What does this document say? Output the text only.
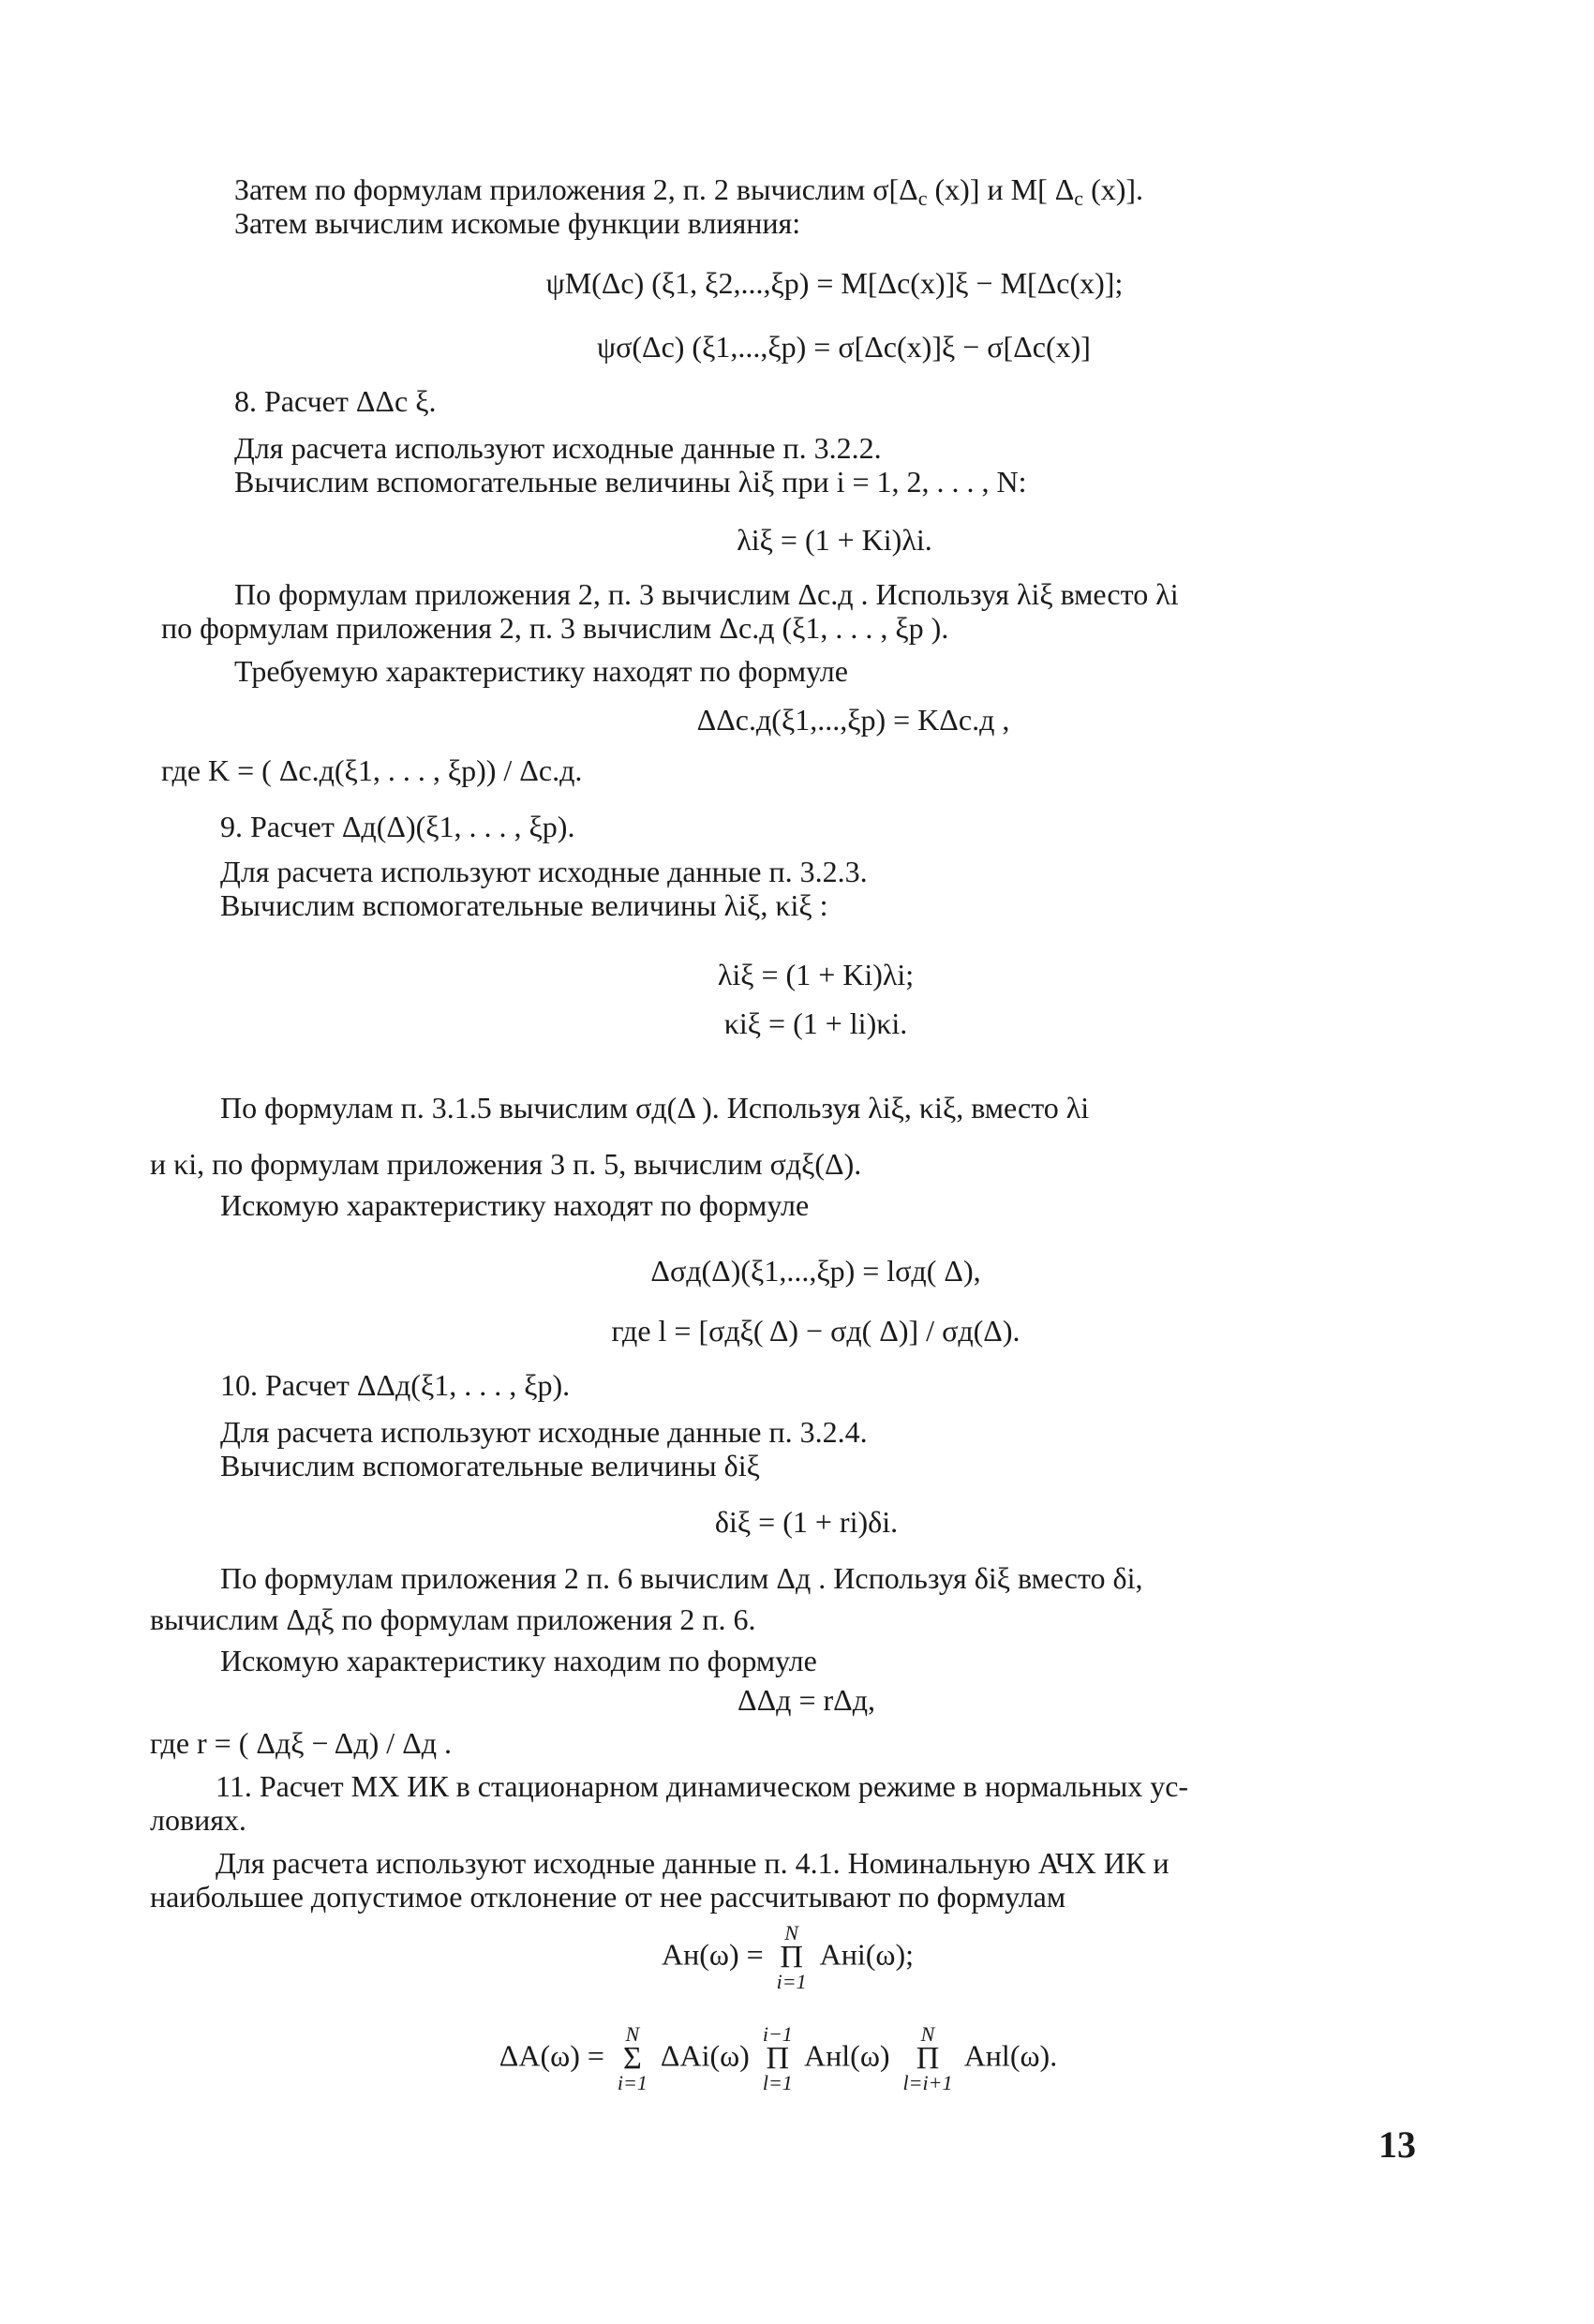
Затем по формулам приложения 2, п. 2 вычислим $\sigma[\Delta_c$ (x)] и M[ $\Delta_c$ (x)].
Затем вычислим искомые функции влияния:
ψM(Δc) (ξ1, ξ2,...,ξp) = M[Δc(x)]ξ − M[Δc(x)];
ψσ(Δc) (ξ1,...,ξp) = σ[Δc(x)]ξ − σ[Δc(x)]
8. Расчет ΔΔc ξ.
Для расчета используют исходные данные п. 3.2.2.
Вычислим вспомогательные величины λiξ при i = 1, 2, . . . , N:
λiξ = (1 + Ki)λi.
По формулам приложения 2, п. 3 вычислим Δс.д . Используя λiξ вместо λi
по формулам приложения 2, п. 3 вычислим Δс.д (ξ1, . . . , ξp ).
Требуемую характеристику находят по формуле
ΔΔс.д(ξ1,...,ξp) = KΔс.д ,
где K = ( Δс.д(ξ1, . . . , ξp)) / Δс.д.
9. Расчет Δд(Δ)(ξ1, . . . , ξp).
Для расчета используют исходные данные п. 3.2.3.
Вычислим вспомогательные величины λiξ, κiξ :
λiξ = (1 + Ki)λi;
κiξ = (1 + li)κi.
По формулам п. 3.1.5 вычислим σд(Δ ). Используя λiξ, κiξ, вместо λi
и κi, по формулам приложения 3 п. 5, вычислим σдξ(Δ).
Искомую характеристику находят по формуле
Δσд(Δ)(ξ1,...,ξp) = lσд( Δ),
где l = [σдξ( Δ) − σд( Δ)] / σд(Δ).
10. Расчет ΔΔд(ξ1, . . . , ξp).
Для расчета используют исходные данные п. 3.2.4.
Вычислим вспомогательные величины δiξ
δiξ = (1 + ri)δi.
По формулам приложения 2 п. 6 вычислим Δд . Используя δiξ вместо δi,
вычислим Δдξ по формулам приложения 2 п. 6.
Искомую характеристику находим по формуле
ΔΔд = rΔд,
где r = ( Δдξ − Δд) / Δд .
11. Расчет МХ ИК в стационарном динамическом режиме в нормальных ус-
ловиях.
Для расчета используют исходные данные п. 4.1. Номинальную АЧХ ИК и
наибольшее допустимое отклонение от нее рассчитывают по формулам
Aн(ω) =
N
Π
i=1
Aнi(ω);
ΔA(ω) =
N
Σ
i=1
ΔAi(ω)
i−1
Π
l=1
Aнl(ω)
N
Π
l=i+1
Aнl(ω).
13
